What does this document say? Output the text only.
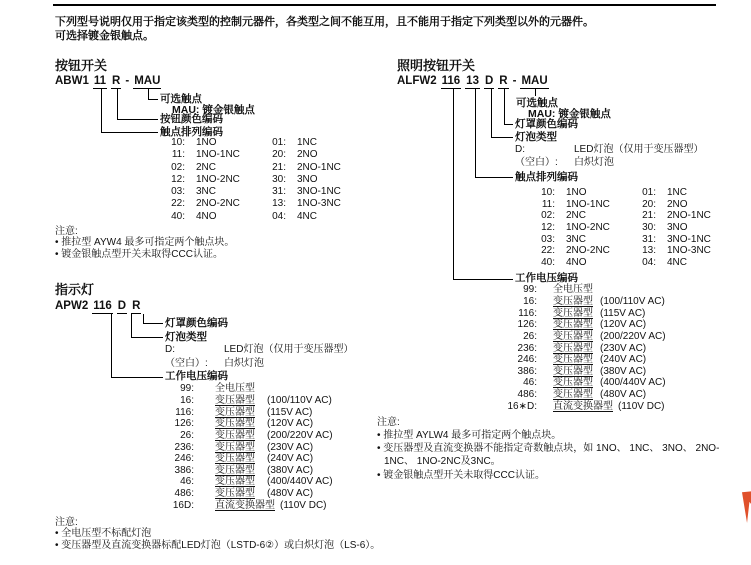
下列型号说明仅用于指定该类型的控制元器件，各类型之间不能互用，且不能用于指定下列类型以外的元器件。
可选择镀金银触点。
按钮开关
ABW1 11 R - MAU
可选触点
MAU: 镀金银触点
按钮颜色编码
触点排列编码
10: 1NO	01: 1NC
11: 1NO-1NC	20: 2NO
02: 2NC	21: 2NO-1NC
12: 1NO-2NC	30: 3NO
03: 3NC	31: 3NO-1NC
22: 2NO-2NC	13: 1NO-3NC
40: 4NO	04: 4NC
注意:
• 推拉型 AYW4 最多可指定两个触点块。
• 镀金银触点型开关未取得CCC认证。
指示灯
APW2 116 D R
灯罩颜色编码
灯泡类型
D:	LED灯泡（仅用于变压器型）
（空白）: 白炽灯泡
工作电压编码
99: 全电压型
16: 变压器型	(100/110V AC)
116: 变压器型	(115V AC)
126: 变压器型	(120V AC)
26: 变压器型	(200/220V AC)
236: 变压器型	(230V AC)
246: 变压器型	(240V AC)
386: 变压器型	(380V AC)
46: 变压器型	(400/440V AC)
486: 变压器型	(480V AC)
16D: 直流变换器型 (110V DC)
注意:
• 全电压型不标配灯泡
• 变压器型及直流变换器标配LED灯泡（LSTD-6②）或白炽灯泡（LS-6）。
照明按钮开关
ALFW2 116 13 D R - MAU
可选触点
MAU: 镀金银触点
灯罩颜色编码
灯泡类型
D:	LED灯泡（仅用于变压器型）
（空白）: 白炽灯泡
触点排列编码
10: 1NO	01: 1NC
11: 1NO-1NC	20: 2NO
02: 2NC	21: 2NO-1NC
12: 1NO-2NC	30: 3NO
03: 3NC	31: 3NO-1NC
22: 2NO-2NC	13: 1NO-3NC
40: 4NO	04: 4NC
工作电压编码
99: 全电压型
16: 变压器型 (100/110V AC)
116: 变压器型 (115V AC)
126: 变压器型 (120V AC)
26: 变压器型 (200/220V AC)
236: 变压器型 (230V AC)
246: 变压器型 (240V AC)
386: 变压器型 (380V AC)
46: 变压器型 (400/440V AC)
486: 变压器型 (480V AC)
16∗D: 直流变换器型 (110V DC)
注意:
• 推拉型 AYLW4 最多可指定两个触点块。
• 变压器型及直流变换器不能指定奇数触点块，如 1NO、 1NC、 3NO、 2NO-1NC、 1NO-2NC及3NC。
• 镀金银触点型开关未取得CCC认证。
